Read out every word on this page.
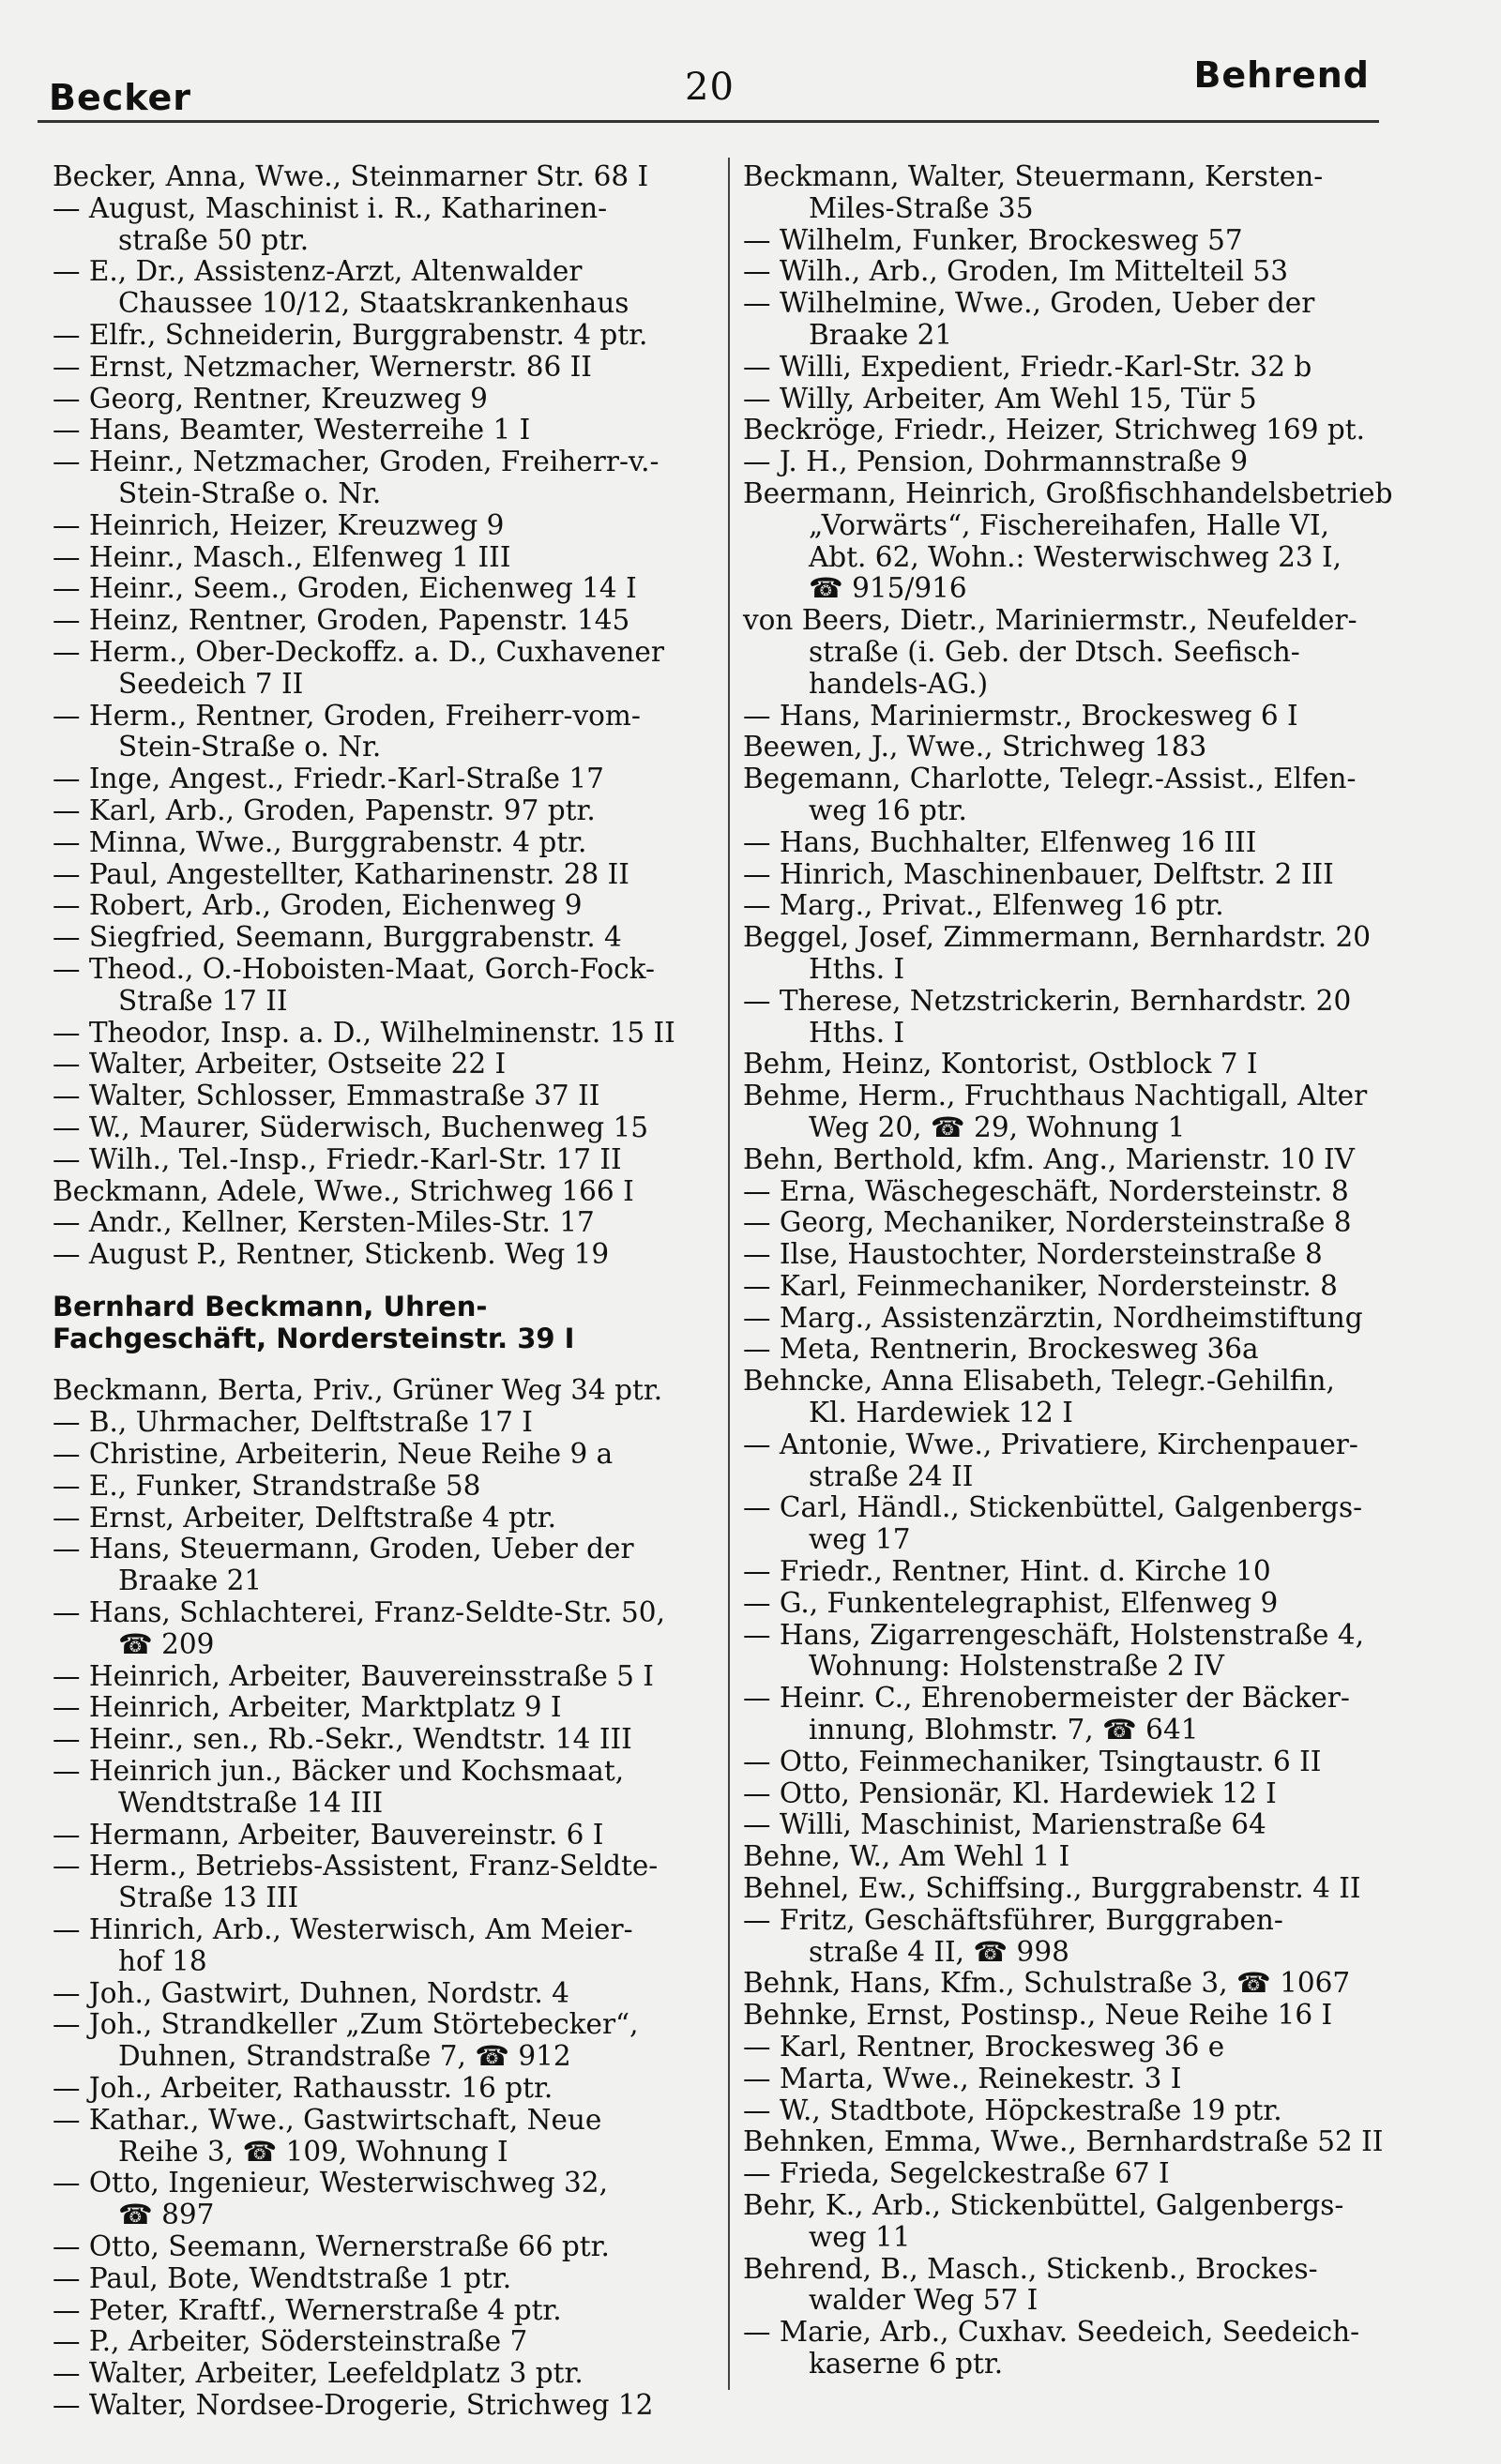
Becker	20	Behrend
Becker, Anna, Wwe., Steinmarner Str. 68 I
— August, Maschinist i. R., Katharinen-
straße 50 ptr.
— E., Dr., Assistenz-Arzt, Altenwalder
Chaussee 10/12, Staatskrankenhaus
— Elfr., Schneiderin, Burggrabenstr. 4 ptr.
— Ernst, Netzmacher, Wernerstr. 86 II
— Georg, Rentner, Kreuzweg 9
— Hans, Beamter, Westerreihe 1 I
— Heinr., Netzmacher, Groden, Freiherr-v.-
Stein-Straße o. Nr.
— Heinrich, Heizer, Kreuzweg 9
— Heinr., Masch., Elfenweg 1 III
— Heinr., Seem., Groden, Eichenweg 14 I
— Heinz, Rentner, Groden, Papenstr. 145
— Herm., Ober-Deckoffz. a. D., Cuxhavener
Seedeich 7 II
— Herm., Rentner, Groden, Freiherr-vom-
Stein-Straße o. Nr.
— Inge, Angest., Friedr.-Karl-Straße 17
— Karl, Arb., Groden, Papenstr. 97 ptr.
— Minna, Wwe., Burggrabenstr. 4 ptr.
— Paul, Angestellter, Katharinenstr. 28 II
— Robert, Arb., Groden, Eichenweg 9
— Siegfried, Seemann, Burggrabenstr. 4
— Theod., O.-Hoboisten-Maat, Gorch-Fock-
Straße 17 II
— Theodor, Insp. a. D., Wilhelminenstr. 15 II
— Walter, Arbeiter, Ostseite 22 I
— Walter, Schlosser, Emmastraße 37 II
— W., Maurer, Süderwisch, Buchenweg 15
— Wilh., Tel.-Insp., Friedr.-Karl-Str. 17 II
Beckmann, Adele, Wwe., Strichweg 166 I
— Andr., Kellner, Kersten-Miles-Str. 17
— August P., Rentner, Stickenb. Weg 19
Bernhard Beckmann, Uhren-
Fachgeschäft, Nordersteinstr. 39 I
Beckmann, Berta, Priv., Grüner Weg 34 ptr.
— B., Uhrmacher, Delftstraße 17 I
— Christine, Arbeiterin, Neue Reihe 9 a
— E., Funker, Strandstraße 58
— Ernst, Arbeiter, Delftstraße 4 ptr.
— Hans, Steuermann, Groden, Ueber der
Braake 21
— Hans, Schlachterei, Franz-Seldte-Str. 50,
☎ 209
— Heinrich, Arbeiter, Bauvereinsstraße 5 I
— Heinrich, Arbeiter, Marktplatz 9 I
— Heinr., sen., Rb.-Sekr., Wendtstr. 14 III
— Heinrich jun., Bäcker und Kochsmaat,
Wendtstraße 14 III
— Hermann, Arbeiter, Bauvereinstr. 6 I
— Herm., Betriebs-Assistent, Franz-Seldte-
Straße 13 III
— Hinrich, Arb., Westerwisch, Am Meier-
hof 18
— Joh., Gastwirt, Duhnen, Nordstr. 4
— Joh., Strandkeller „Zum Störtebecker“,
Duhnen, Strandstraße 7, ☎ 912
— Joh., Arbeiter, Rathausstr. 16 ptr.
— Kathar., Wwe., Gastwirtschaft, Neue
Reihe 3, ☎ 109, Wohnung I
— Otto, Ingenieur, Westerwischweg 32,
☎ 897
— Otto, Seemann, Wernerstraße 66 ptr.
— Paul, Bote, Wendtstraße 1 ptr.
— Peter, Kraftf., Wernerstraße 4 ptr.
— P., Arbeiter, Södersteinstraße 7
— Walter, Arbeiter, Leefeldplatz 3 ptr.
— Walter, Nordsee-Drogerie, Strichweg 12
Beckmann, Walter, Steuermann, Kersten-
Miles-Straße 35
— Wilhelm, Funker, Brockesweg 57
— Wilh., Arb., Groden, Im Mittelteil 53
— Wilhelmine, Wwe., Groden, Ueber der
Braake 21
— Willi, Expedient, Friedr.-Karl-Str. 32 b
— Willy, Arbeiter, Am Wehl 15, Tür 5
Beckröge, Friedr., Heizer, Strichweg 169 pt.
— J. H., Pension, Dohrmannstraße 9
Beermann, Heinrich, Großfischhandelsbetrieb
„Vorwärts“, Fischereihafen, Halle VI,
Abt. 62, Wohn.: Westerwischweg 23 I,
☎ 915/916
von Beers, Dietr., Mariniermstr., Neufelder-
straße (i. Geb. der Dtsch. Seefisch-
handels-AG.)
— Hans, Mariniermstr., Brockesweg 6 I
Beewen, J., Wwe., Strichweg 183
Begemann, Charlotte, Telegr.-Assist., Elfen-
weg 16 ptr.
— Hans, Buchhalter, Elfenweg 16 III
— Hinrich, Maschinenbauer, Delftstr. 2 III
— Marg., Privat., Elfenweg 16 ptr.
Beggel, Josef, Zimmermann, Bernhardstr. 20
Hths. I
— Therese, Netzstrickerin, Bernhardstr. 20
Hths. I
Behm, Heinz, Kontorist, Ostblock 7 I
Behme, Herm., Fruchthaus Nachtigall, Alter
Weg 20, ☎ 29, Wohnung 1
Behn, Berthold, kfm. Ang., Marienstr. 10 IV
— Erna, Wäschegeschäft, Nordersteinstr. 8
— Georg, Mechaniker, Nordersteinstraße 8
— Ilse, Haustochter, Nordersteinstraße 8
— Karl, Feinmechaniker, Nordersteinstr. 8
— Marg., Assistenzärztin, Nordheimstiftung
— Meta, Rentnerin, Brockesweg 36a
Behncke, Anna Elisabeth, Telegr.-Gehilfin,
Kl. Hardewiek 12 I
— Antonie, Wwe., Privatiere, Kirchenpauer-
straße 24 II
— Carl, Händl., Stickenbüttel, Galgenbergs-
weg 17
— Friedr., Rentner, Hint. d. Kirche 10
— G., Funkentelegraphist, Elfenweg 9
— Hans, Zigarrengeschäft, Holstenstraße 4,
Wohnung: Holstenstraße 2 IV
— Heinr. C., Ehrenobermeister der Bäcker-
innung, Blohmstr. 7, ☎ 641
— Otto, Feinmechaniker, Tsingtaustr. 6 II
— Otto, Pensionär, Kl. Hardewiek 12 I
— Willi, Maschinist, Marienstraße 64
Behne, W., Am Wehl 1 I
Behnel, Ew., Schiffsing., Burggrabenstr. 4 II
— Fritz, Geschäftsführer, Burggraben-
straße 4 II, ☎ 998
Behnk, Hans, Kfm., Schulstraße 3, ☎ 1067
Behnke, Ernst, Postinsp., Neue Reihe 16 I
— Karl, Rentner, Brockesweg 36 e
— Marta, Wwe., Reinekestr. 3 I
— W., Stadtbote, Höpckestraße 19 ptr.
Behnken, Emma, Wwe., Bernhardstraße 52 II
— Frieda, Segelckestraße 67 I
Behr, K., Arb., Stickenbüttel, Galgenbergs-
weg 11
Behrend, B., Masch., Stickenb., Brockes-
walder Weg 57 I
— Marie, Arb., Cuxhav. Seedeich, Seedeich-
kaserne 6 ptr.
